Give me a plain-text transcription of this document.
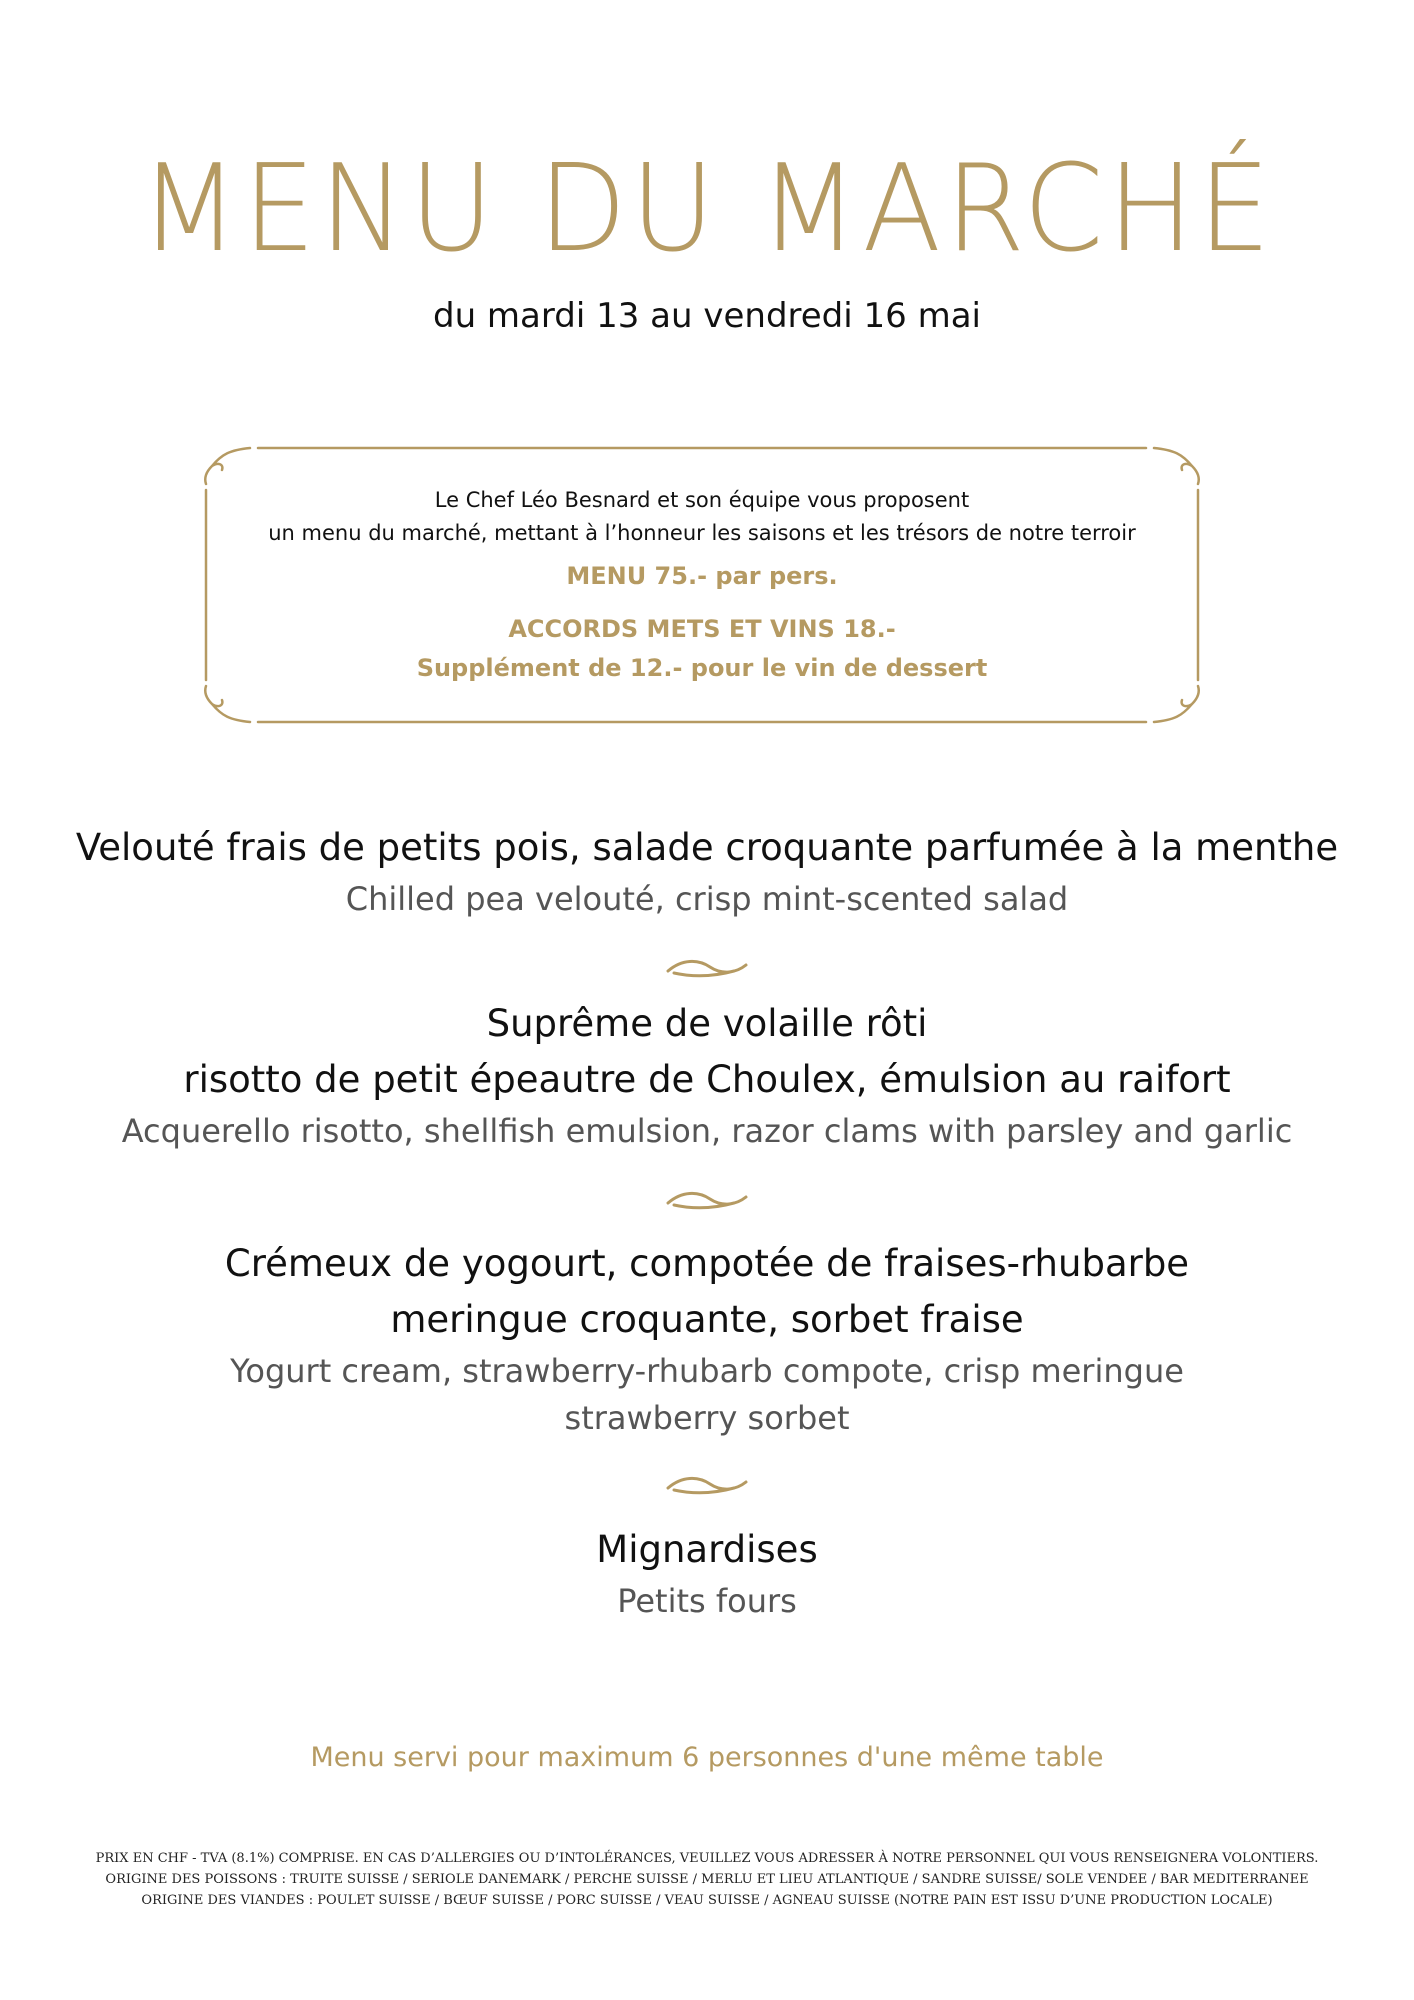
MENU DU MARCHÉ
du mardi 13 au vendredi 16 mai
Le Chef Léo Besnard et son équipe vous proposent
un menu du marché, mettant à l’honneur les saisons et les trésors de notre terroir
MENU 75.- par pers.
ACCORDS METS ET VINS 18.-
Supplément de 12.- pour le vin de dessert
Velouté frais de petits pois, salade croquante parfumée à la menthe
Chilled pea velouté, crisp mint-scented salad
Suprême de volaille rôti
risotto de petit épeautre de Choulex, émulsion au raifort
Acquerello risotto, shellfish emulsion, razor clams with parsley and garlic
Crémeux de yogourt, compotée de fraises-rhubarbe
meringue croquante, sorbet fraise
Yogurt cream, strawberry-rhubarb compote, crisp meringue
strawberry sorbet
Mignardises
Petits fours
Menu servi pour maximum 6 personnes d'une même table
PRIX EN CHF - TVA (8.1%) COMPRISE. EN CAS D’ALLERGIES OU D’INTOLÉRANCES, VEUILLEZ VOUS ADRESSER À NOTRE PERSONNEL QUI VOUS RENSEIGNERA VOLONTIERS.
ORIGINE DES POISSONS : TRUITE SUISSE / SERIOLE DANEMARK / PERCHE SUISSE / MERLU ET LIEU ATLANTIQUE / SANDRE SUISSE/ SOLE VENDEE / BAR MEDITERRANEE
ORIGINE DES VIANDES : POULET SUISSE / BŒUF SUISSE / PORC SUISSE / VEAU SUISSE / AGNEAU SUISSE (NOTRE PAIN EST ISSU D’UNE PRODUCTION LOCALE)
